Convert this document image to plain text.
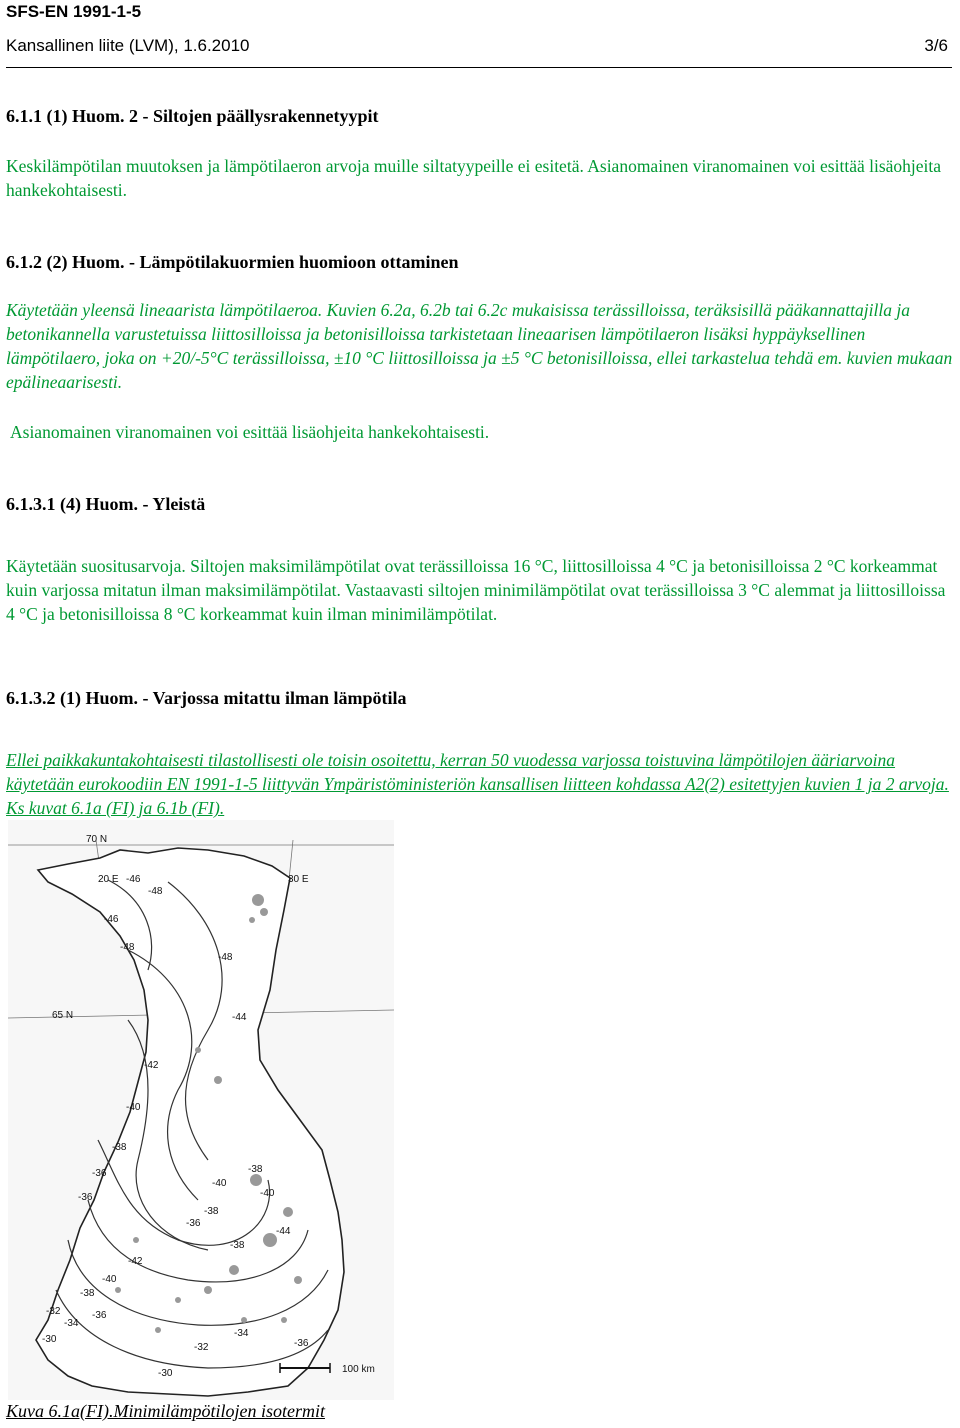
SFS-EN 1991-1-5
Kansallinen liite (LVM), 1.6.2010	3/6
6.1.1 (1) Huom. 2 - Siltojen päällysrakennetyypit

Keskilämpötilan muutoksen ja lämpötilaeron arvoja muille siltatyypeille ei esitetä. Asianomainen viranomainen voi esittää lisäohjeita hankekohtaisesti.

6.1.2 (2) Huom. - Lämpötilakuormien huomioon ottaminen

Käytetään yleensä lineaarista lämpötilaeroa. Kuvien 6.2a, 6.2b tai 6.2c mukaisissa terässilloissa, teräksisillä pääkannattajilla ja betonikannella varustetuissa liittosilloissa ja betonisilloissa tarkistetaan lineaarisen lämpötilaeron lisäksi hyppäyksellinen lämpötilaero, joka on +20/-5°C terässilloissa, ±10 °C liittosilloissa ja ±5 °C betonisilloissa, ellei tarkastelua tehdä em. kuvien mukaan epälineaarisesti.

Asianomainen viranomainen voi esittää lisäohjeita hankekohtaisesti.

6.1.3.1 (4) Huom. - Yleistä

Käytetään suositusarvoja. Siltojen maksimilämpötilat ovat terässilloissa 16 °C, liittosilloissa 4 °C ja betonisilloissa 2 °C korkeammat kuin varjossa mitatun ilman maksimilämpötilat. Vastaavasti siltojen minimilämpötilat ovat terässilloissa 3 °C alemmat ja liittosilloissa 4 °C ja betonisilloissa 8 °C korkeammat kuin ilman minimilämpötilat.

6.1.3.2 (1) Huom. - Varjossa mitattu ilman lämpötila

Ellei paikkakuntakohtaisesti tilastollisesti ole toisin osoitettu, kerran 50 vuodessa varjossa toistuvina lämpötilojen ääriarvoina käytetään eurokoodiin EN 1991-1-5 liittyvän Ympäristöministeriön kansallisen liitteen kohdassa A2(2) esitettyjen kuvien 1 ja 2 arvoja. Ks kuvat 6.1a (FI) ja 6.1b (FI).

70 N
65 N
20 E	30 E
-46
-48
-48
-48
-46
-44
-42
-40
-38
-36
-36
-38
-40
-44
-42
-40
-38
-36
-34
-32
-30
-30
-32
-34
-36
-38
-36
-38
-40
100 km
Kuva 6.1a(FI).Minimilämpötilojen isotermit
